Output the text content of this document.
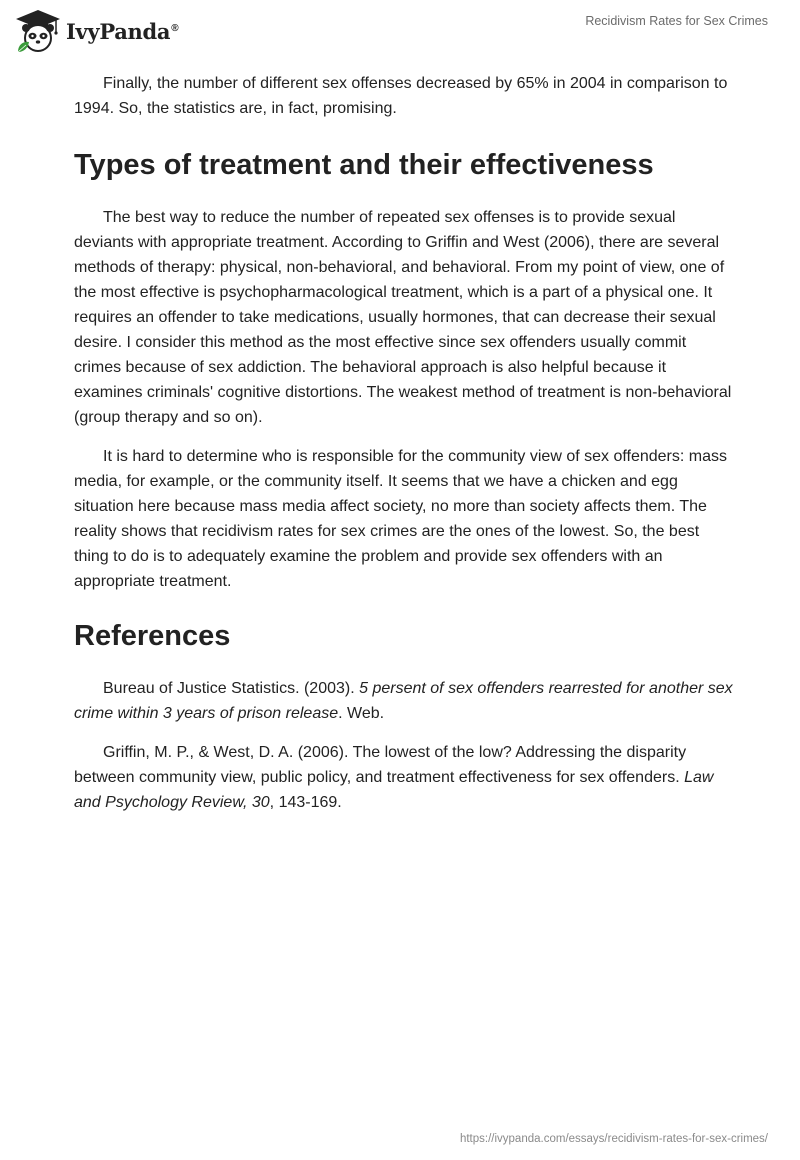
IvyPanda®	Recidivism Rates for Sex Crimes

Finally, the number of different sex offenses decreased by 65% in 2004 in comparison to 1994. So, the statistics are, in fact, promising.

Types of treatment and their effectiveness

The best way to reduce the number of repeated sex offenses is to provide sexual deviants with appropriate treatment. According to Griffin and West (2006), there are several methods of therapy: physical, non-behavioral, and behavioral. From my point of view, one of the most effective is psychopharmacological treatment, which is a part of a physical one. It requires an offender to take medications, usually hormones, that can decrease their sexual desire. I consider this method as the most effective since sex offenders usually commit crimes because of sex addiction. The behavioral approach is also helpful because it examines criminals' cognitive distortions. The weakest method of treatment is non-behavioral (group therapy and so on).

It is hard to determine who is responsible for the community view of sex offenders: mass media, for example, or the community itself. It seems that we have a chicken and egg situation here because mass media affect society, no more than society affects them. The reality shows that recidivism rates for sex crimes are the ones of the lowest. So, the best thing to do is to adequately examine the problem and provide sex offenders with an appropriate treatment.

References

Bureau of Justice Statistics. (2003). 5 persent of sex offenders rearrested for another sex crime within 3 years of prison release. Web.

Griffin, M. P., & West, D. A. (2006). The lowest of the low? Addressing the disparity between community view, public policy, and treatment effectiveness for sex offenders. Law and Psychology Review, 30, 143-169.

https://ivypanda.com/essays/recidivism-rates-for-sex-crimes/
